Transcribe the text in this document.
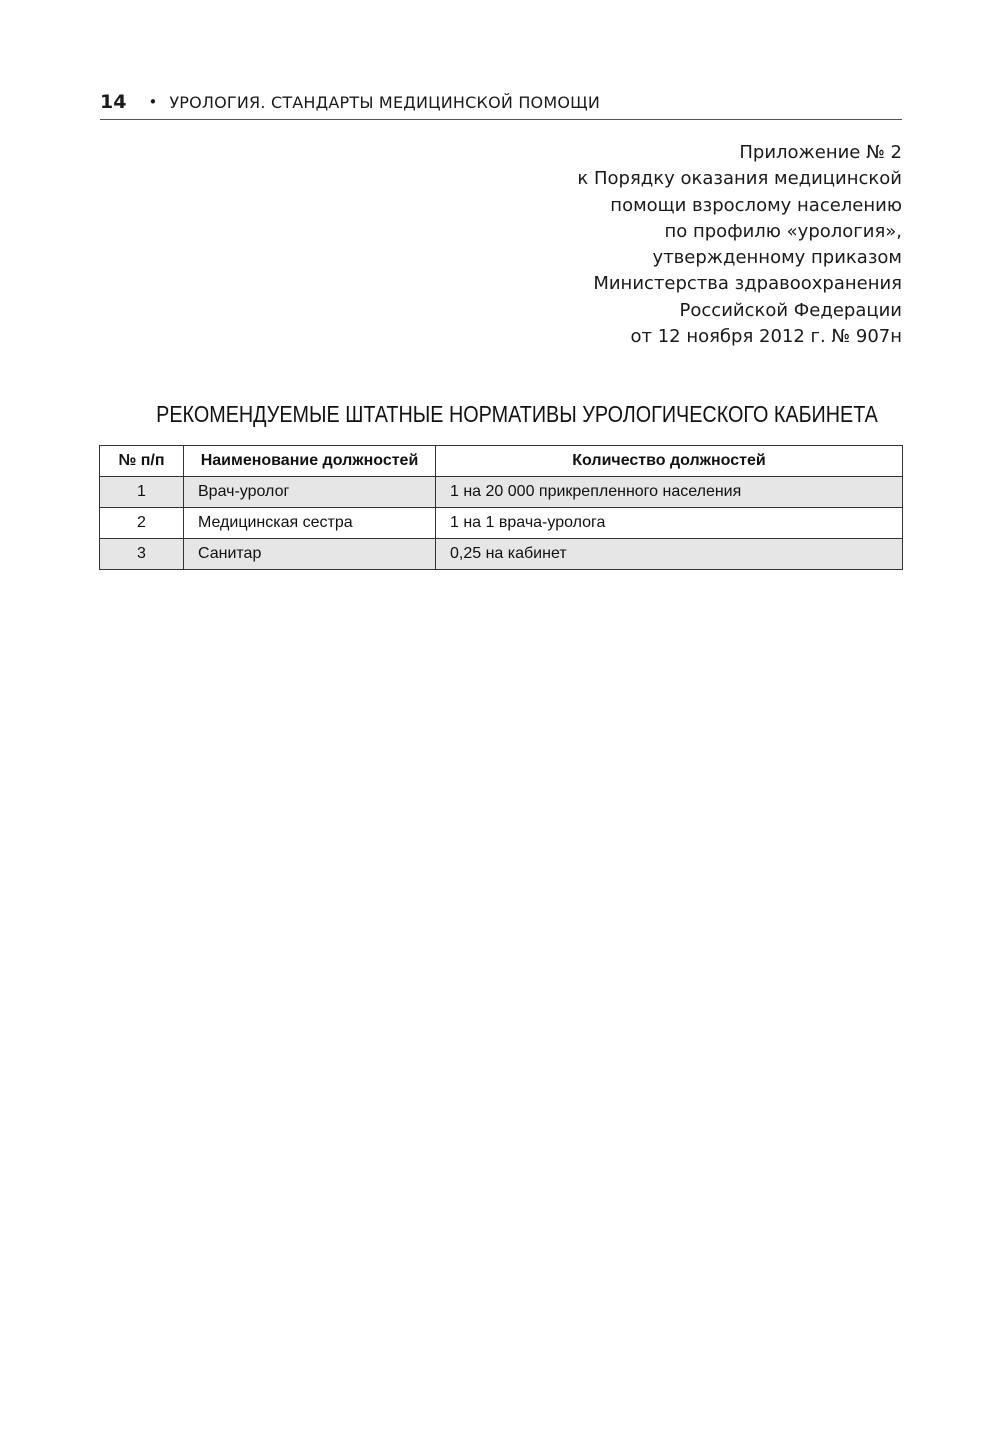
14 • УРОЛОГИЯ. СТАНДАРТЫ МЕДИЦИНСКОЙ ПОМОЩИ
Приложение № 2
к Порядку оказания медицинской
помощи взрослому населению
по профилю «урология»,
утвержденному приказом
Министерства здравоохранения
Российской Федерации
от 12 ноября 2012 г. № 907н
РЕКОМЕНДУЕМЫЕ ШТАТНЫЕ НОРМАТИВЫ УРОЛОГИЧЕСКОГО КАБИНЕТА
№ п/п	Наименование должностей	Количество должностей
1	Врач-уролог	1 на 20 000 прикрепленного населения
2	Медицинская сестра	1 на 1 врача-уролога
3	Санитар	0,25 на кабинет
